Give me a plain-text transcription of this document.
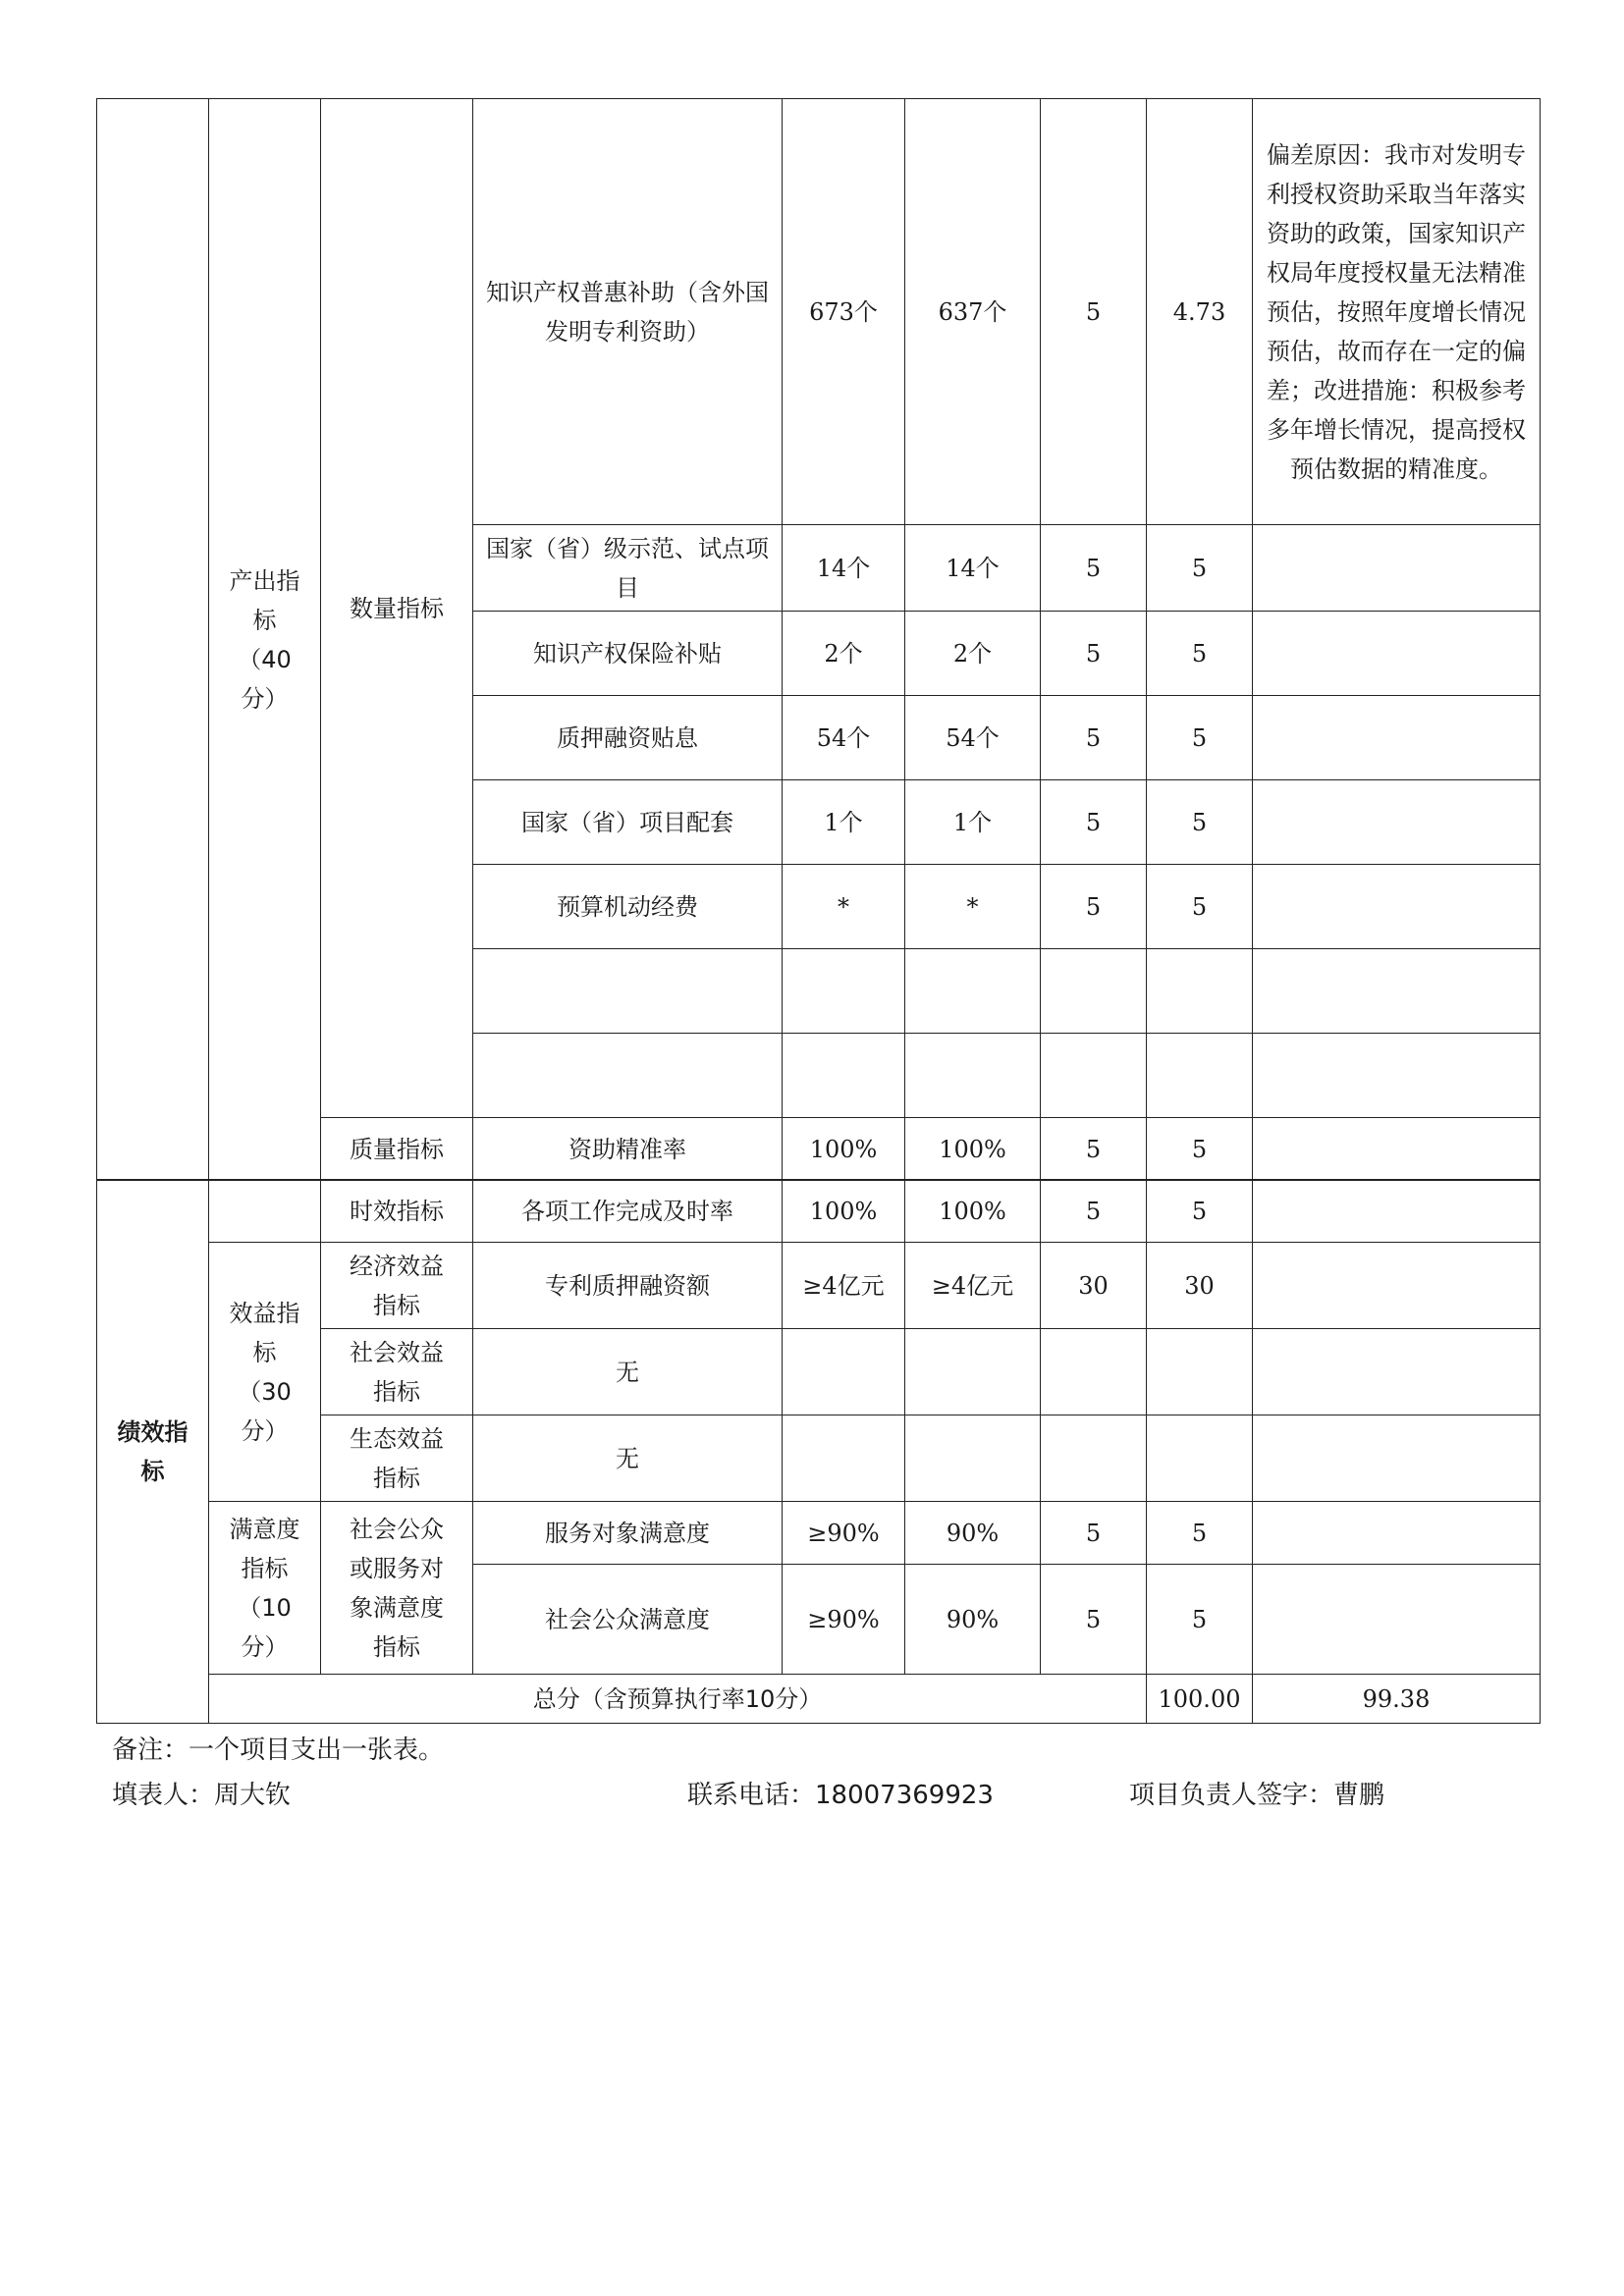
	产出指标（40分）	数量指标	知识产权普惠补助（含外国发明专利资助）	673个	637个	5	4.73	偏差原因：我市对发明专利授权资助采取当年落实资助的政策，国家知识产权局年度授权量无法精准预估，按照年度增长情况预估，故而存在一定的偏差；改进措施：积极参考多年增长情况，提高授权预估数据的精准度。
			国家（省）级示范、试点项目	14个	14个	5	5	
			知识产权保险补贴	2个	2个	5	5	
			质押融资贴息	54个	54个	5	5	
			国家（省）项目配套	1个	1个	5	5	
			预算机动经费	*	*	5	5	

		质量指标	资助精准率	100%	100%	5	5	
绩效指标		时效指标	各项工作完成及时率	100%	100%	5	5		
	效益指标（30分）	经济效益指标	专利质押融资额	≥4亿元	≥4亿元	30	30		
		社会效益指标	无						
		生态效益指标	无						
	满意度指标（10分）	社会公众或服务对象满意度指标	服务对象满意度	≥90%	90%	5	5		
			社会公众满意度	≥90%	90%	5	5		
	总分（含预算执行率10分）						100.00	99.38	
备注：一个项目支出一张表。
填表人：周大钦	联系电话：18007369923	项目负责人签字：曹鹏
